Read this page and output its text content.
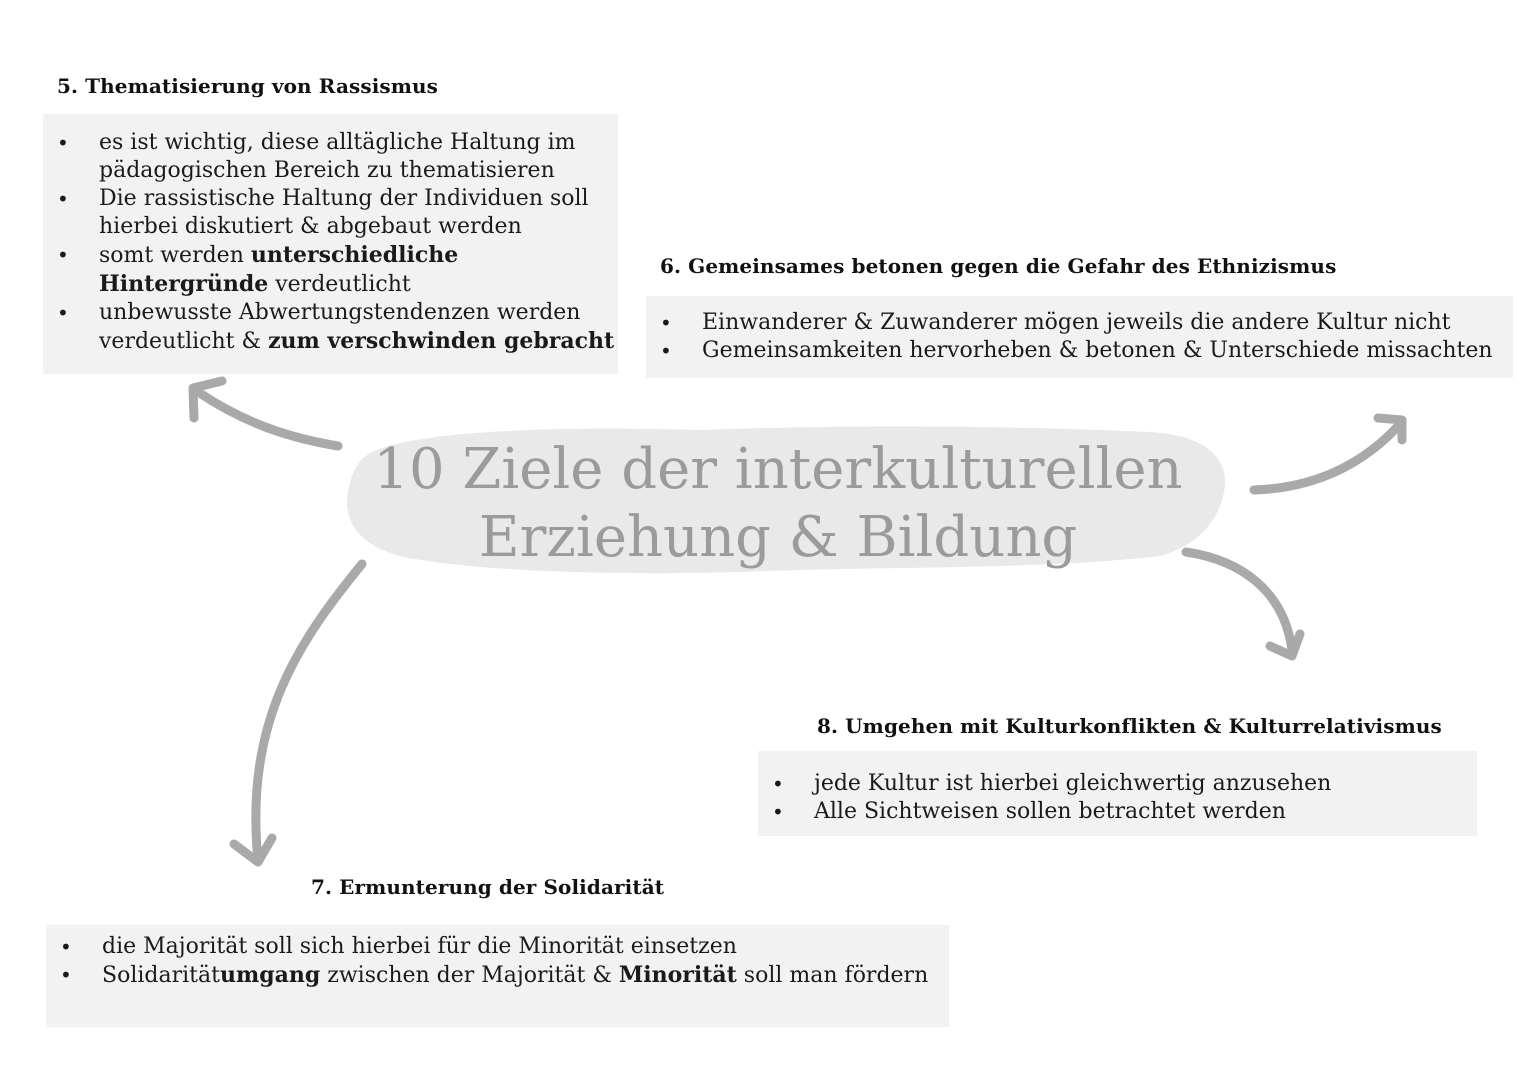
10 Ziele der interkulturellen
Erziehung & Bildung
5. Thematisierung von Rassismus
• es ist wichtig, diese alltägliche Haltung im
pädagogischen Bereich zu thematisieren
• Die rassistische Haltung der Individuen soll
hierbei diskutiert & abgebaut werden
• somt werden unterschiedliche
Hintergründe verdeutlicht
• unbewusste Abwertungstendenzen werden
verdeutlicht & zum verschwinden gebracht
6. Gemeinsames betonen gegen die Gefahr des Ethnizismus
• Einwanderer & Zuwanderer mögen jeweils die andere Kultur nicht
• Gemeinsamkeiten hervorheben & betonen & Unterschiede missachten
8. Umgehen mit Kulturkonflikten & Kulturrelativismus
• jede Kultur ist hierbei gleichwertig anzusehen
• Alle Sichtweisen sollen betrachtet werden
7. Ermunterung der Solidarität
• die Majorität soll sich hierbei für die Minorität einsetzen
• Solidaritätumgang zwischen der Majorität & Minorität soll man fördern
